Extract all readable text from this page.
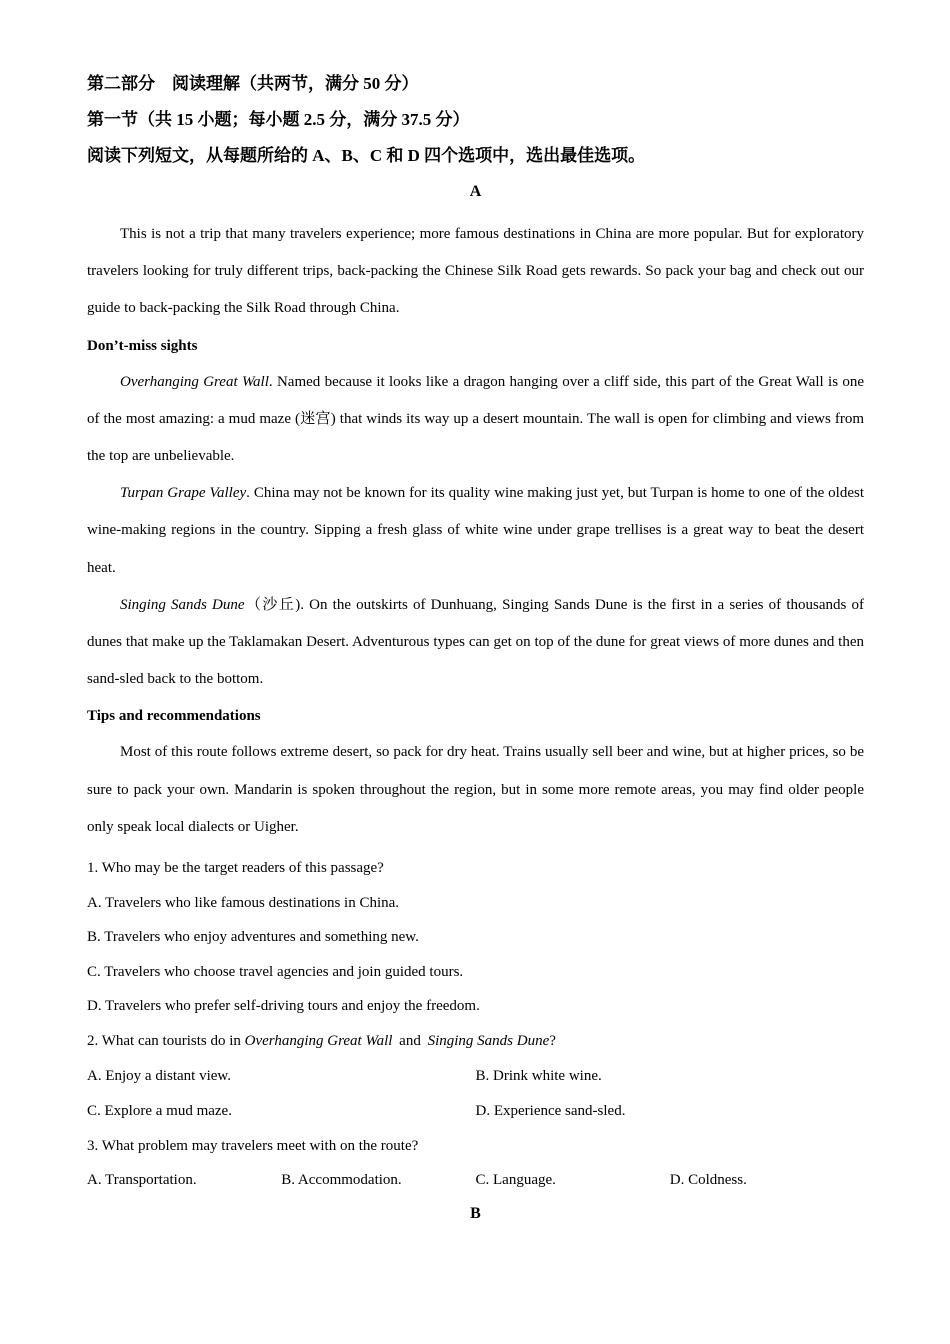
第二部分　阅读理解（共两节，满分 50 分）
第一节（共 15 小题；每小题 2.5 分，满分 37.5 分）
阅读下列短文，从每题所给的 A、B、C 和 D 四个选项中，选出最佳选项。
A

This is not a trip that many travelers experience; more famous destinations in China are more popular. But for exploratory travelers looking for truly different trips, back-packing the Chinese Silk Road gets rewards. So pack your bag and check out our guide to back-packing the Silk Road through China.

Don’t-miss sights

Overhanging Great Wall. Named because it looks like a dragon hanging over a cliff side, this part of the Great Wall is one of the most amazing: a mud maze (迷宫) that winds its way up a desert mountain. The wall is open for climbing and views from the top are unbelievable.

Turpan Grape Valley. China may not be known for its quality wine making just yet, but Turpan is home to one of the oldest wine-making regions in the country. Sipping a fresh glass of white wine under grape trellises is a great way to beat the desert heat.

Singing Sands Dune（沙丘). On the outskirts of Dunhuang, Singing Sands Dune is the first in a series of thousands of dunes that make up the Taklamakan Desert. Adventurous types can get on top of the dune for great views of more dunes and then sand-sled back to the bottom.

Tips and recommendations

Most of this route follows extreme desert, so pack for dry heat. Trains usually sell beer and wine, but at higher prices, so be sure to pack your own. Mandarin is spoken throughout the region, but in some more remote areas, you may find older people only speak local dialects or Uigher.

1. Who may be the target readers of this passage?
A. Travelers who like famous destinations in China.
B. Travelers who enjoy adventures and something new.
C. Travelers who choose travel agencies and join guided tours.
D. Travelers who prefer self-driving tours and enjoy the freedom.
2. What can tourists do in Overhanging Great Wall and Singing Sands Dune?
A. Enjoy a distant view.	B. Drink white wine.
C. Explore a mud maze.	D. Experience sand-sled.
3. What problem may travelers meet with on the route?
A. Transportation.	B. Accommodation.	C. Language.	D. Coldness.
B
